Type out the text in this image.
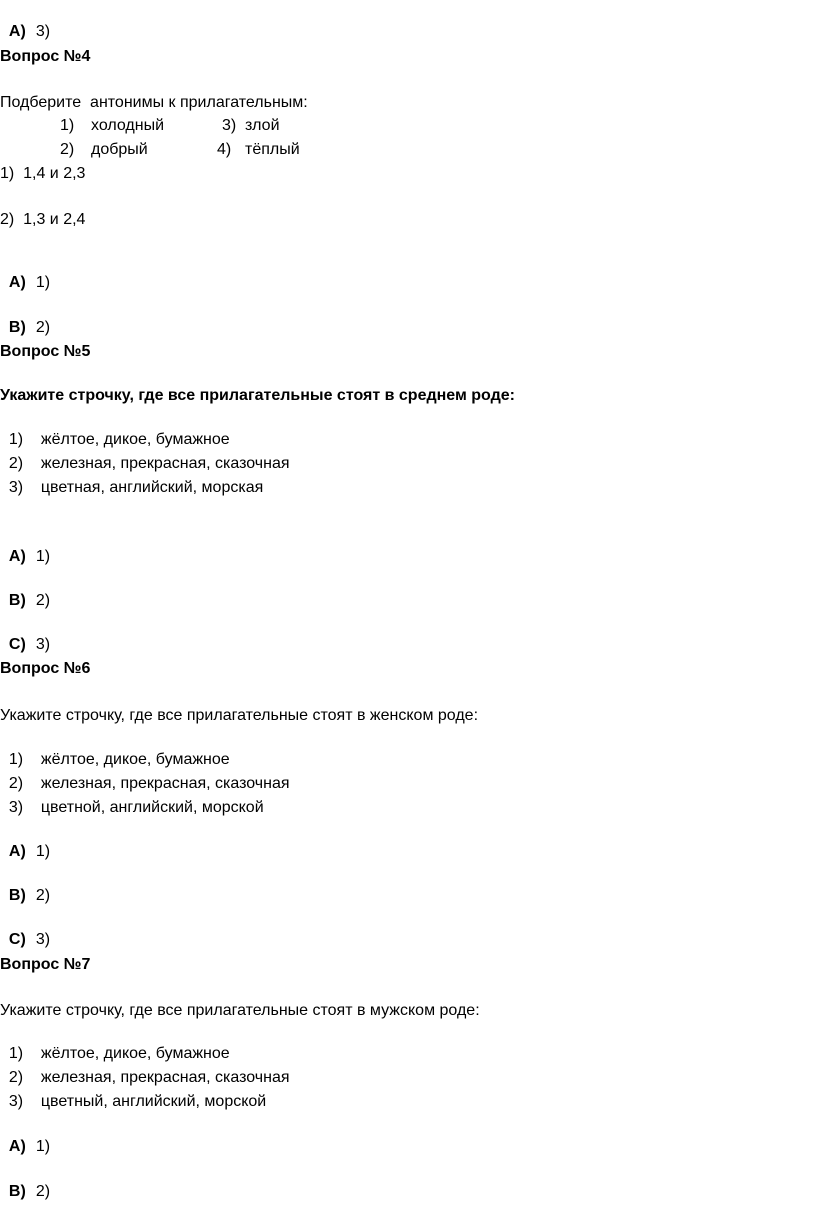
A) 3)

Вопрос №4
Подберите  антонимы к прилагательным:
1) холодный	3) злой
2) добрый	4) тёплый
1)  1,4 и 2,3
2)  1,3 и 2,4

A) 1)

B) 2)

Вопрос №5
Укажите строчку, где все прилагательные стоят в среднем роде:

1) жёлтое, дикое, бумажное

2) железная, прекрасная, сказочная

3) цветная, английский, морская

A) 1)

B) 2)

C) 3)

Вопрос №6
Укажите строчку, где все прилагательные стоят в женском роде:

1) жёлтое, дикое, бумажное

2) железная, прекрасная, сказочная

3) цветной, английский, морской

A) 1)

B) 2)

C) 3)

Вопрос №7
Укажите строчку, где все прилагательные стоят в мужском роде:

1) жёлтое, дикое, бумажное

2) железная, прекрасная, сказочная

3) цветный, английский, морской

A) 1)

B) 2)
